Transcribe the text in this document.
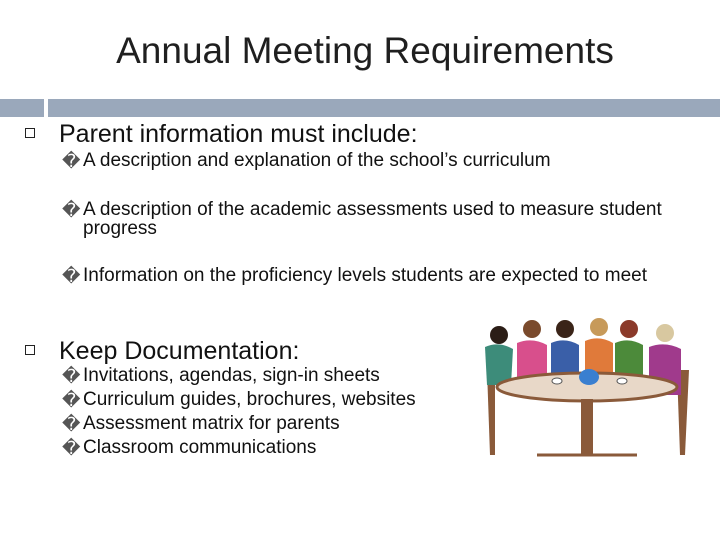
Annual Meeting Requirements
Parent information must include:
� A description and explanation of the school’s curriculum
� A description of the academic assessments used to measure student progress
� Information on the proficiency levels students are expected to meet
Keep Documentation:
� Invitations, agendas, sign-in sheets
� Curriculum guides, brochures, websites
� Assessment matrix for parents
� Classroom communications
